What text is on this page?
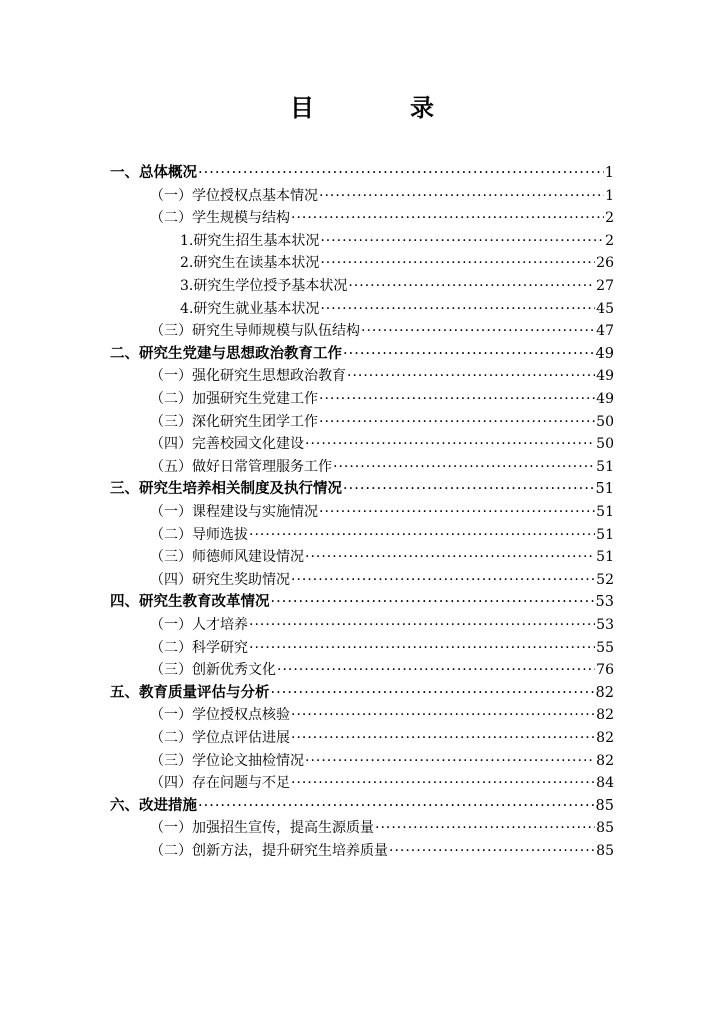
目　录
一、总体概况 ·····	1
（一）学位授权点基本情况 ·····	1
（二）学生规模与结构 ·····	2
1.研究生招生基本状况 ·····	2
2.研究生在读基本状况 ·····	26
3.研究生学位授予基本状况 ·····	27
4.研究生就业基本状况 ·····	45
（三）研究生导师规模与队伍结构 ·····	47
二、研究生党建与思想政治教育工作 ·····	49
（一）强化研究生思想政治教育 ·····	49
（二）加强研究生党建工作 ·····	49
（三）深化研究生团学工作 ·····	50
（四）完善校园文化建设 ·····	50
（五）做好日常管理服务工作 ·····	51
三、研究生培养相关制度及执行情况 ·····	51
（一）课程建设与实施情况 ·····	51
（二）导师选拔 ·····	51
（三）师德师风建设情况 ·····	51
（四）研究生奖助情况 ·····	52
四、研究生教育改革情况 ·····	53
（一）人才培养 ·····	53
（二）科学研究 ·····	55
（三）创新优秀文化 ·····	76
五、教育质量评估与分析 ·····	82
（一）学位授权点核验 ·····	82
（二）学位点评估进展 ·····	82
（三）学位论文抽检情况 ·····	82
（四）存在问题与不足 ·····	84
六、改进措施 ·····	85
（一）加强招生宣传，提高生源质量 ·····	85
（二）创新方法，提升研究生培养质量 ·····	85
